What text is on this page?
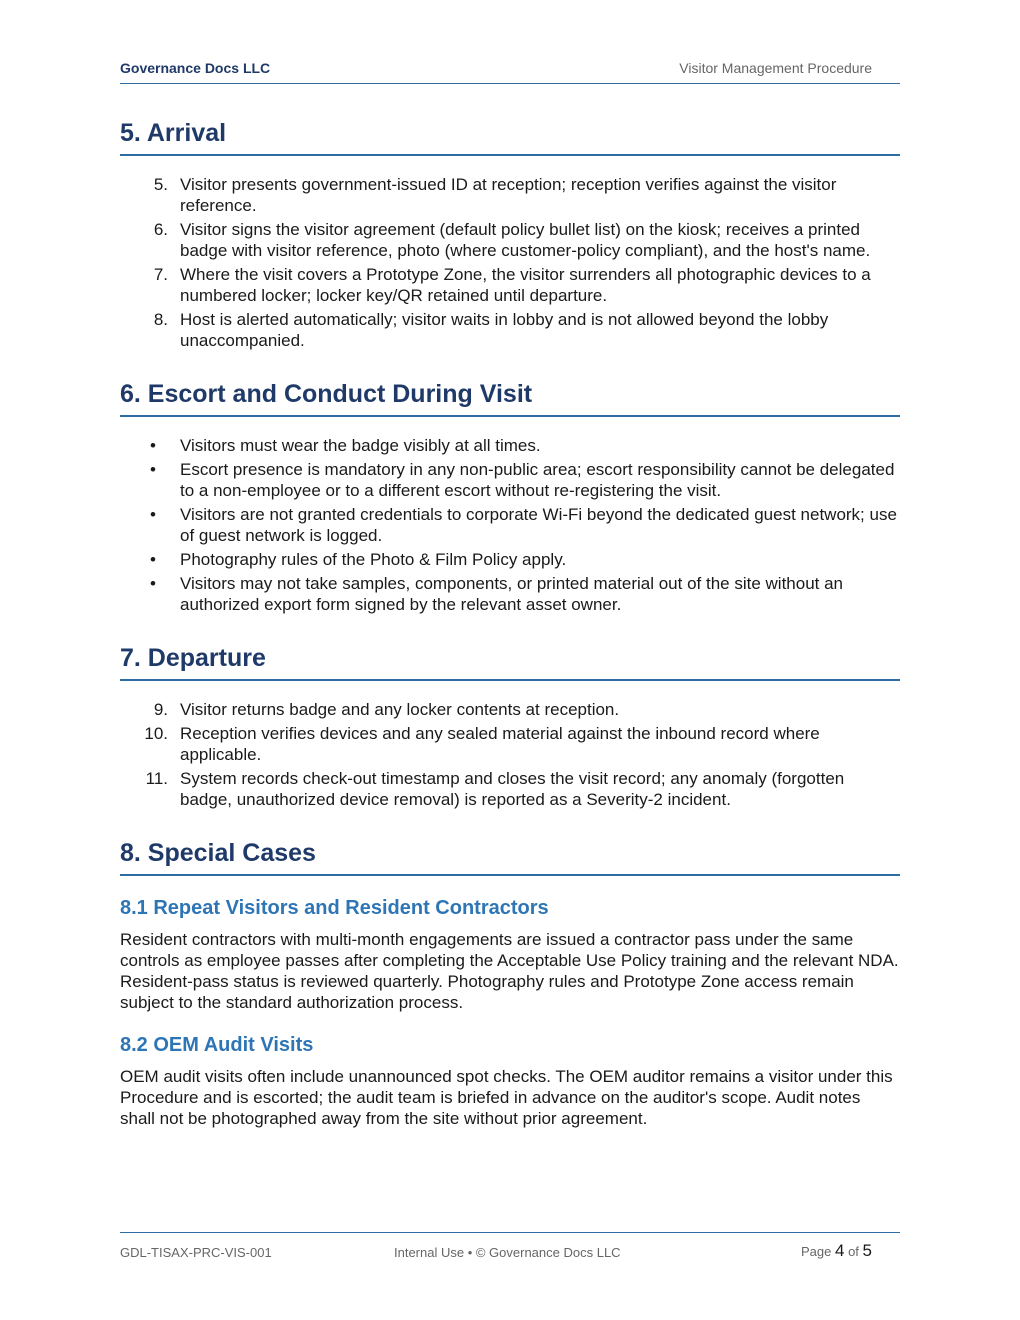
Governance Docs LLC	Visitor Management Procedure
5. Arrival
5. Visitor presents government-issued ID at reception; reception verifies against the visitor reference.
6. Visitor signs the visitor agreement (default policy bullet list) on the kiosk; receives a printed badge with visitor reference, photo (where customer-policy compliant), and the host's name.
7. Where the visit covers a Prototype Zone, the visitor surrenders all photographic devices to a numbered locker; locker key/QR retained until departure.
8. Host is alerted automatically; visitor waits in lobby and is not allowed beyond the lobby unaccompanied.
6. Escort and Conduct During Visit
• Visitors must wear the badge visibly at all times.
• Escort presence is mandatory in any non-public area; escort responsibility cannot be delegated to a non-employee or to a different escort without re-registering the visit.
• Visitors are not granted credentials to corporate Wi-Fi beyond the dedicated guest network; use of guest network is logged.
• Photography rules of the Photo & Film Policy apply.
• Visitors may not take samples, components, or printed material out of the site without an authorized export form signed by the relevant asset owner.
7. Departure
9. Visitor returns badge and any locker contents at reception.
10. Reception verifies devices and any sealed material against the inbound record where applicable.
11. System records check-out timestamp and closes the visit record; any anomaly (forgotten badge, unauthorized device removal) is reported as a Severity-2 incident.
8. Special Cases
8.1 Repeat Visitors and Resident Contractors

Resident contractors with multi-month engagements are issued a contractor pass under the same controls as employee passes after completing the Acceptable Use Policy training and the relevant NDA. Resident-pass status is reviewed quarterly. Photography rules and Prototype Zone access remain subject to the standard authorization process.

8.2 OEM Audit Visits

OEM audit visits often include unannounced spot checks. The OEM auditor remains a visitor under this Procedure and is escorted; the audit team is briefed in advance on the auditor's scope. Audit notes shall not be photographed away from the site without prior agreement.

GDL-TISAX-PRC-VIS-001	Internal Use • © Governance Docs LLC	Page 4 of 5
